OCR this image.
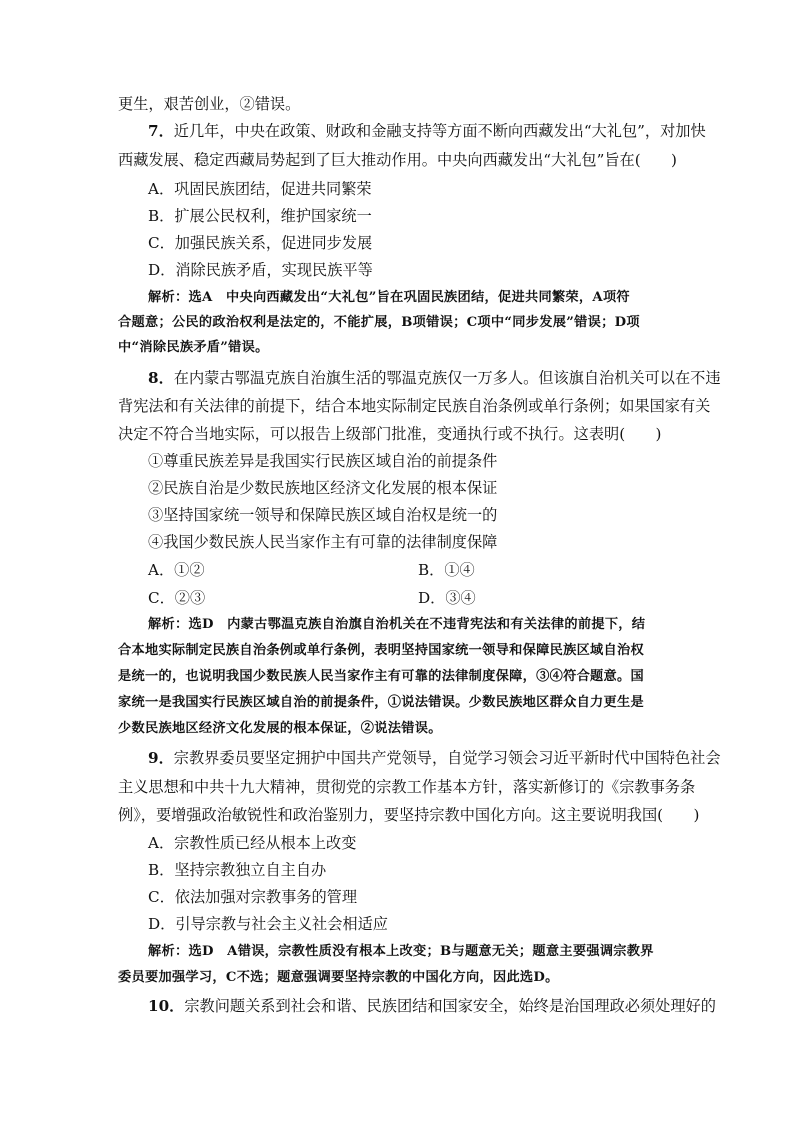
更生，艰苦创业，②错误。
7．近几年，中央在政策、财政和金融支持等方面不断向西藏发出“大礼包”，对加快
西藏发展、稳定西藏局势起到了巨大推动作用。中央向西藏发出“大礼包”旨在(　　)
A．巩固民族团结，促进共同繁荣
B．扩展公民权利，维护国家统一
C．加强民族关系，促进同步发展
D．消除民族矛盾，实现民族平等
解析：选A　中央向西藏发出“大礼包”旨在巩固民族团结，促进共同繁荣，A项符
合题意；公民的政治权利是法定的，不能扩展，B项错误；C项中“同步发展”错误；D项
中“消除民族矛盾”错误。
8．在内蒙古鄂温克族自治旗生活的鄂温克族仅一万多人。但该旗自治机关可以在不违
背宪法和有关法律的前提下，结合本地实际制定民族自治条例或单行条例；如果国家有关
决定不符合当地实际，可以报告上级部门批准，变通执行或不执行。这表明(　　)
①尊重民族差异是我国实行民族区域自治的前提条件
②民族自治是少数民族地区经济文化发展的根本保证
③坚持国家统一领导和保障民族区域自治权是统一的
④我国少数民族人民当家作主有可靠的法律制度保障
A．①②	B．①④
C．②③	D．③④
解析：选D　内蒙古鄂温克族自治旗自治机关在不违背宪法和有关法律的前提下，结
合本地实际制定民族自治条例或单行条例，表明坚持国家统一领导和保障民族区域自治权
是统一的，也说明我国少数民族人民当家作主有可靠的法律制度保障，③④符合题意。国
家统一是我国实行民族区域自治的前提条件，①说法错误。少数民族地区群众自力更生是
少数民族地区经济文化发展的根本保证，②说法错误。
9．宗教界委员要坚定拥护中国共产党领导，自觉学习领会习近平新时代中国特色社会
主义思想和中共十九大精神，贯彻党的宗教工作基本方针，落实新修订的《宗教事务条
例》，要增强政治敏锐性和政治鉴别力，要坚持宗教中国化方向。这主要说明我国(　　)
A．宗教性质已经从根本上改变
B．坚持宗教独立自主自办
C．依法加强对宗教事务的管理
D．引导宗教与社会主义社会相适应
解析：选D　A错误，宗教性质没有根本上改变；B与题意无关；题意主要强调宗教界
委员要加强学习，C不选；题意强调要坚持宗教的中国化方向，因此选D。
10．宗教问题关系到社会和谐、民族团结和国家安全，始终是治国理政必须处理好的
